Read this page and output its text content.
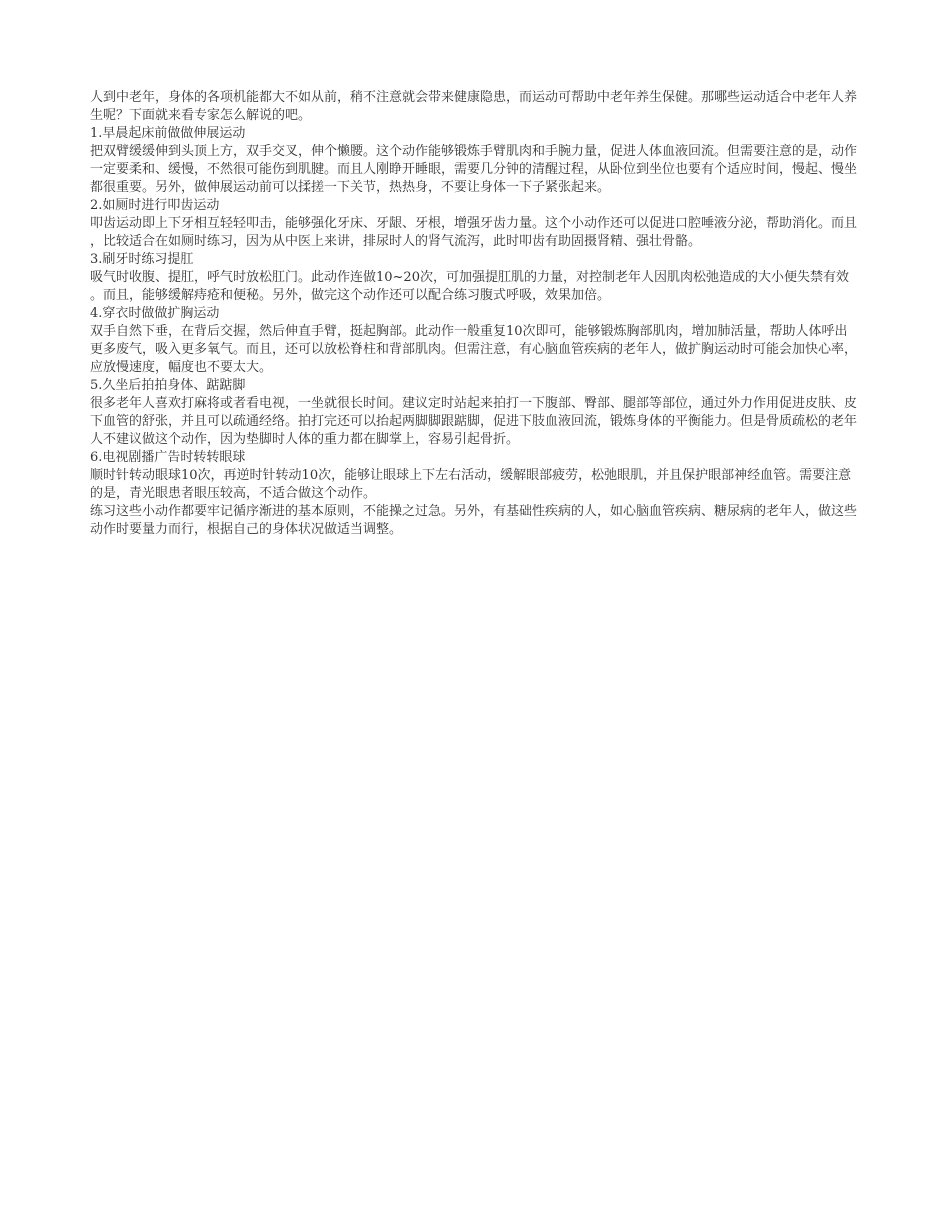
人到中老年，身体的各项机能都大不如从前，稍不注意就会带来健康隐患，而运动可帮助中老年养生保健。那哪些运动适合中老年人养生呢？下面就来看专家怎么解说的吧。

1.早晨起床前做做伸展运动

把双臂缓缓伸到头顶上方，双手交叉，伸个懒腰。这个动作能够锻炼手臂肌肉和手腕力量，促进人体血液回流。但需要注意的是，动作一定要柔和、缓慢，不然很可能伤到肌腱。而且人刚睁开睡眼，需要几分钟的清醒过程，从卧位到坐位也要有个适应时间，慢起、慢坐都很重要。另外，做伸展运动前可以揉搓一下关节，热热身，不要让身体一下子紧张起来。

2.如厕时进行叩齿运动

叩齿运动即上下牙相互轻轻叩击，能够强化牙床、牙龈、牙根，增强牙齿力量。这个小动作还可以促进口腔唾液分泌，帮助消化。而且，比较适合在如厕时练习，因为从中医上来讲，排尿时人的肾气流泻，此时叩齿有助固摄肾精、强壮骨骼。

3.刷牙时练习提肛

吸气时收腹、提肛，呼气时放松肛门。此动作连做10~20次，可加强提肛肌的力量，对控制老年人因肌肉松弛造成的大小便失禁有效。而且，能够缓解痔疮和便秘。另外，做完这个动作还可以配合练习腹式呼吸，效果加倍。

4.穿衣时做做扩胸运动

双手自然下垂，在背后交握，然后伸直手臂，挺起胸部。此动作一般重复10次即可，能够锻炼胸部肌肉，增加肺活量，帮助人体呼出更多废气，吸入更多氧气。而且，还可以放松脊柱和背部肌肉。但需注意，有心脑血管疾病的老年人，做扩胸运动时可能会加快心率，应放慢速度，幅度也不要太大。

5.久坐后拍拍身体、踮踮脚

很多老年人喜欢打麻将或者看电视，一坐就很长时间。建议定时站起来拍打一下腹部、臀部、腿部等部位，通过外力作用促进皮肤、皮下血管的舒张，并且可以疏通经络。拍打完还可以抬起两脚脚跟踮脚，促进下肢血液回流，锻炼身体的平衡能力。但是骨质疏松的老年人不建议做这个动作，因为垫脚时人体的重力都在脚掌上，容易引起骨折。

6.电视剧播广告时转转眼球

顺时针转动眼球10次，再逆时针转动10次，能够让眼球上下左右活动，缓解眼部疲劳，松弛眼肌，并且保护眼部神经血管。需要注意的是，青光眼患者眼压较高，不适合做这个动作。

练习这些小动作都要牢记循序渐进的基本原则，不能操之过急。另外，有基础性疾病的人，如心脑血管疾病、糖尿病的老年人，做这些动作时要量力而行，根据自己的身体状况做适当调整。
